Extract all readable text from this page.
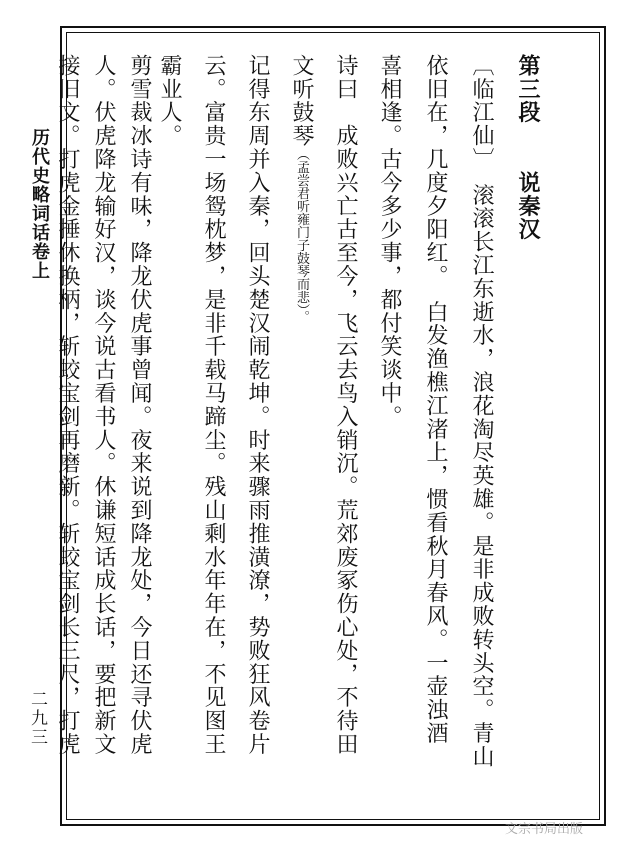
历代史略词话卷上
二九三
第三段　　说秦汉
〔临江仙〕　滚滚长江东逝水，浪花淘尽英雄。是非成败转头空。青山
依旧在，几度夕阳红。　白发渔樵江渚上，惯看秋月春风。一壶浊酒
喜相逢。古今多少事，都付笑谈中。
诗曰　成败兴亡古至今，飞云去鸟入销沉。荒郊废冢伤心处，不待田
文听鼓琴（孟尝君听雍门子鼓琴而悲）。
记得东周并入秦，回头楚汉闹乾坤。时来骤雨推潢潦，势败狂风卷片
云。富贵一场鸳枕梦，是非千载马蹄尘。残山剩水年年在，不见图王
霸业人。
剪雪裁冰诗有味，降龙伏虎事曾闻。夜来说到降龙处，今日还寻伏虎
人。伏虎降龙输好汉，谈今说古看书人。休谦短话成长话，要把新文
接旧文。打虎金捶休换柄，斩蛟宝剑再磨新。斩蛟宝剑长三尺，打虎
文宗书局出版
